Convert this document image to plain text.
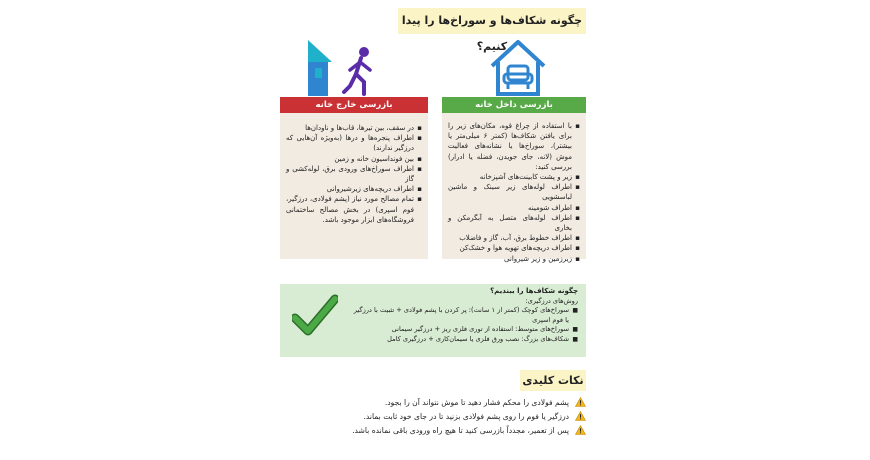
چگونه شکاف‌ها و سوراخ‌ها را پیدا کنیم؟
بازرسی خارج خانه	بازرسی داخل خانه
▪ در سقف، بین تیرها، قاب‌ها و ناودان‌ها
▪ اطراف پنجره‌ها و درها (به‌ویژه آن‌هایی که درزگیر ندارند)
▪ بین فونداسیون خانه و زمین
▪ اطراف سوراخ‌های ورودی برق، لوله‌کشی و گاز
▪ اطراف دریچه‌های زیرشیروانی
▪ تمام مصالح مورد نیاز (پشم فولادی، درزگیر، فوم اسپری) در بخش مصالح ساختمانی فروشگاه‌های ابزار موجود باشد.
▪ با استفاده از چراغ قوه، مکان‌های زیر را برای یافتن شکاف‌ها (کمتر ۶ میلی‌متر یا بیشتر)، سوراخ‌ها یا نشانه‌های فعالیت موش (لانه، جای جویدن، فضله یا ادرار) بررسی کنید:
▪ زیر و پشت کابینت‌های آشپزخانه
▪ اطراف لوله‌های زیر سینک و ماشین لباسشویی
▪ اطراف شومینه
▪ اطراف لوله‌های متصل به آبگرمکن و بخاری
▪ اطراف خطوط برق، آب، گاز و فاضلاب
▪ اطراف دریچه‌های تهویه هوا و خشک‌کن
▪ زیرزمین و زیر شیروانی
چگونه شکاف‌ها را ببندیم؟
روش‌های درزگیری:
■ سوراخ‌های کوچک (کمتر از ۱ سانت): پر کردن با پشم فولادی + تثبیت با درزگیر یا فوم اسپری
■ سوراخ‌های متوسط: استفاده از توری فلزی ریز + درزگیر سیمانی
■ شکاف‌های بزرگ: نصب ورق فلزی یا سیمان‌کاری + درزگیری کامل
نکات کلیدی
پشم فولادی را محکم فشار دهید تا موش نتواند آن را بجود.
درزگیر یا فوم را روی پشم فولادی بزنید تا در جای خود ثابت بماند.
پس از تعمیر، مجدداً بازرسی کنید تا هیچ راه ورودی باقی نمانده باشد.
